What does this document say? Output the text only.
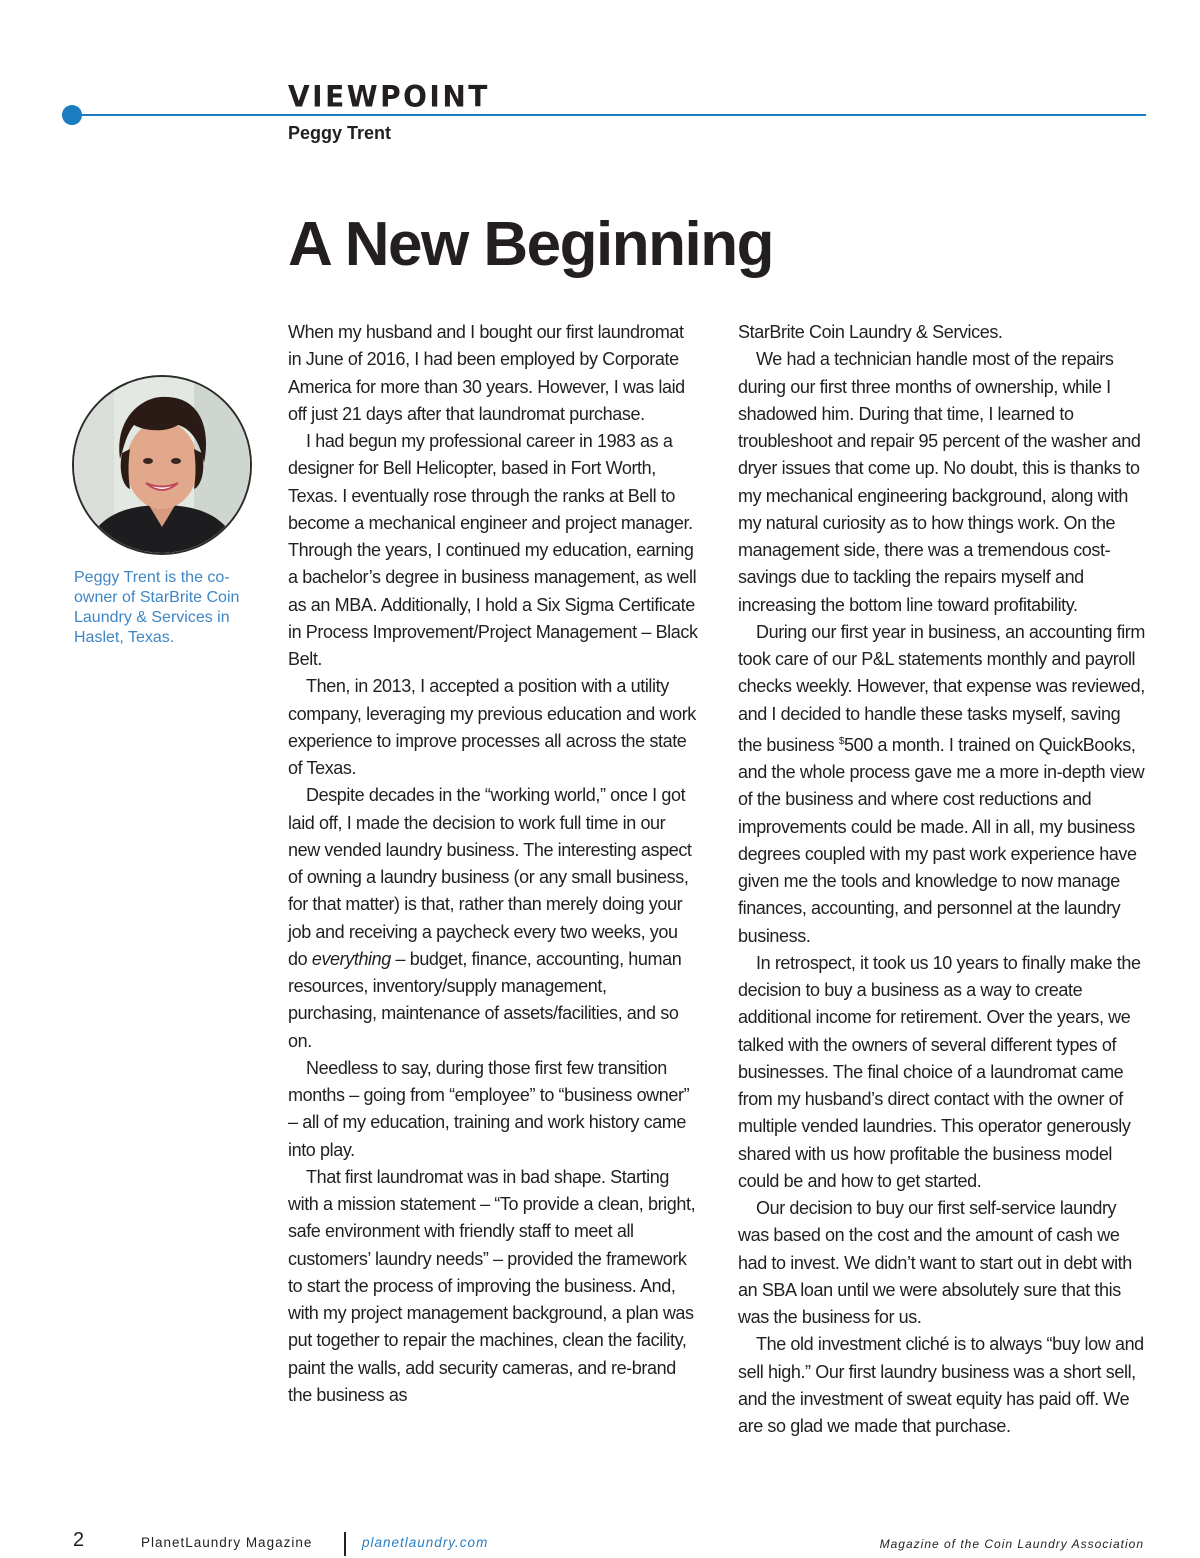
VIEWPOINT
Peggy Trent
A New Beginning
Peggy Trent is the co-owner of StarBrite Coin Laundry & Services in Haslet, Texas.

When my husband and I bought our first laundromat in June of 2016, I had been employed by Corporate America for more than 30 years. However, I was laid off just 21 days after that laundromat purchase.

I had begun my professional career in 1983 as a designer for Bell Helicopter, based in Fort Worth, Texas. I eventually rose through the ranks at Bell to become a mechanical engineer and project manager. Through the years, I continued my education, earning a bachelor’s degree in business management, as well as an MBA. Additionally, I hold a Six Sigma Certificate in Process Improvement/Project Management – Black Belt.

Then, in 2013, I accepted a position with a utility company, leveraging my previous education and work experience to improve processes all across the state of Texas.

Despite decades in the “working world,” once I got laid off, I made the decision to work full time in our new vended laundry business. The interesting aspect of owning a laundry business (or any small business, for that matter) is that, rather than merely doing your job and receiving a paycheck every two weeks, you do everything – budget, finance, accounting, human resources, inventory/supply management, purchasing, maintenance of assets/facilities, and so on.

Needless to say, during those first few transition months – going from “employee” to “business owner” – all of my education, training and work history came into play.

That first laundromat was in bad shape. Starting with a mission statement – “To provide a clean, bright, safe environment with friendly staff to meet all customers’ laundry needs” – provided the framework to start the process of improving the business. And, with my project management background, a plan was put together to repair the machines, clean the facility, paint the walls, add security cameras, and re-brand the business as

StarBrite Coin Laundry & Services.

We had a technician handle most of the repairs during our first three months of ownership, while I shadowed him. During that time, I learned to troubleshoot and repair 95 percent of the washer and dryer issues that come up. No doubt, this is thanks to my mechanical engineering background, along with my natural curiosity as to how things work. On the management side, there was a tremendous cost-savings due to tackling the repairs myself and increasing the bottom line toward profitability.

During our first year in business, an accounting firm took care of our P&L statements monthly and payroll checks weekly. However, that expense was reviewed, and I decided to handle these tasks myself, saving the business $500 a month. I trained on QuickBooks, and the whole process gave me a more in-depth view of the business and where cost reductions and improvements could be made. All in all, my business degrees coupled with my past work experience have given me the tools and knowledge to now manage finances, accounting, and personnel at the laundry business.

In retrospect, it took us 10 years to finally make the decision to buy a business as a way to create additional income for retirement. Over the years, we talked with the owners of several different types of businesses. The final choice of a laundromat came from my husband’s direct contact with the owner of multiple vended laundries. This operator generously shared with us how profitable the business model could be and how to get started.

Our decision to buy our first self-service laundry was based on the cost and the amount of cash we had to invest. We didn’t want to start out in debt with an SBA loan until we were absolutely sure that this was the business for us.

The old investment cliché is to always “buy low and sell high.” Our first laundry business was a short sell, and the investment of sweat equity has paid off. We are so glad we made that purchase.

2	PlanetLaundry Magazine	planetlaundry.com	Magazine of the Coin Laundry Association
